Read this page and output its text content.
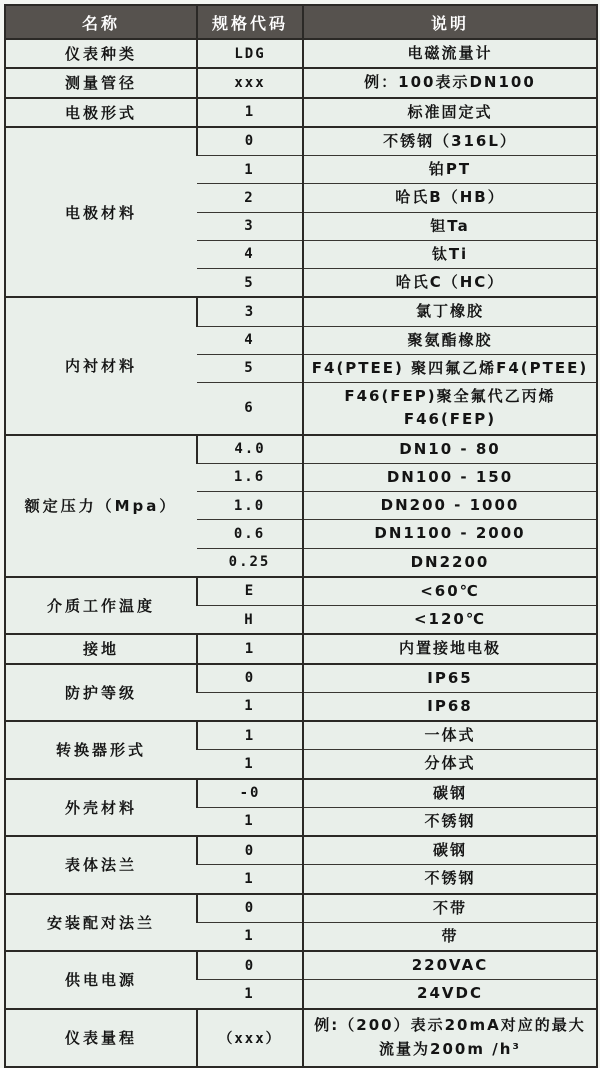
名称	规格代码	说明
仪表种类	LDG	电磁流量计
测量管径	xxx	例：100表示DN100
电极形式	1	标准固定式
电极材料	0	不锈钢（316L）
	1	铂PT
	2	哈氏B（HB）
	3	钽Ta
	4	钛Ti
	5	哈氏C（HC）
内衬材料	3	氯丁橡胶
	4	聚氨酯橡胶
	5	F4(PTEE) 聚四氟乙烯F4(PTEE)
	6	F46(FEP)聚全氟代乙丙烯F46(FEP)
额定压力（Mpa）	4.0	DN10 - 80
	1.6	DN100 - 150
	1.0	DN200 - 1000
	0.6	DN1100 - 2000
	0.25	DN2200
介质工作温度	E	<60℃
	H	<120℃
接地	1	内置接地电极
防护等级	0	IP65
	1	IP68
转换器形式	1	一体式
	1	分体式
外壳材料	-0	碳钢
	1	不锈钢
表体法兰	0	碳钢
	1	不锈钢
安装配对法兰	0	不带
	1	带
供电电源	0	220VAC
	1	24VDC
仪表量程	（xxx）	例:（200）表示20mA对应的最大
流量为200m /h³
